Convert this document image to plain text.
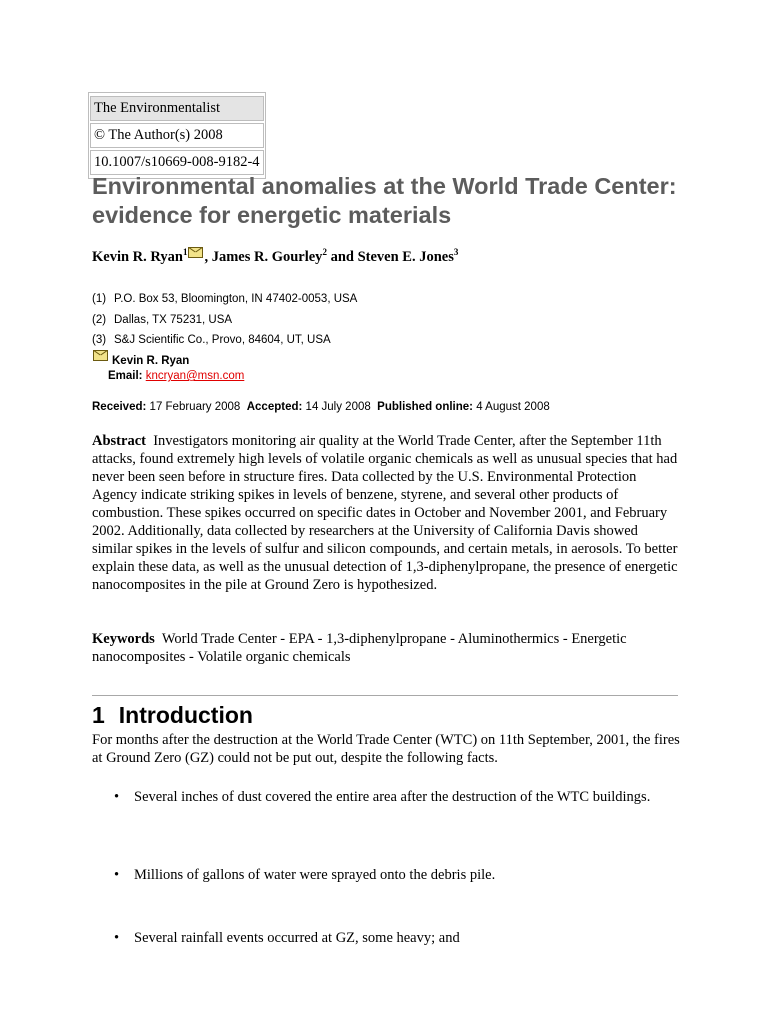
The Environmentalist
© The Author(s) 2008
10.1007/s10669-008-9182-4
Environmental anomalies at the World Trade Center: evidence for energetic materials
Kevin R. Ryan$^1$ , James R. Gourley$^2$ and Steven E. Jones$^3$
(1) P.O. Box 53, Bloomington, IN 47402-0053, USA
(2) Dallas, TX 75231, USA
(3) S&J Scientific Co., Provo, 84604, UT, USA
Kevin R. Ryan
Email: kncryan@msn.com
Received: 17 February 2008 Accepted: 14 July 2008 Published online: 4 August 2008

Abstract Investigators monitoring air quality at the World Trade Center, after the September 11th attacks, found extremely high levels of volatile organic chemicals as well as unusual species that had never been seen before in structure fires. Data collected by the U.S. Environmental Protection Agency indicate striking spikes in levels of benzene, styrene, and several other products of combustion. These spikes occurred on specific dates in October and November 2001, and February 2002. Additionally, data collected by researchers at the University of California Davis showed similar spikes in the levels of sulfur and silicon compounds, and certain metals, in aerosols. To better explain these data, as well as the unusual detection of 1,3-diphenylpropane, the presence of energetic nanocomposites in the pile at Ground Zero is hypothesized.

Keywords World Trade Center - EPA - 1,3-diphenylpropane - Aluminothermics - Energetic nanocomposites - Volatile organic chemicals

1 Introduction

For months after the destruction at the World Trade Center (WTC) on 11th September, 2001, the fires at Ground Zero (GZ) could not be put out, despite the following facts.

• Several inches of dust covered the entire area after the destruction of the WTC buildings.
• Millions of gallons of water were sprayed onto the debris pile.
• Several rainfall events occurred at GZ, some heavy; and
